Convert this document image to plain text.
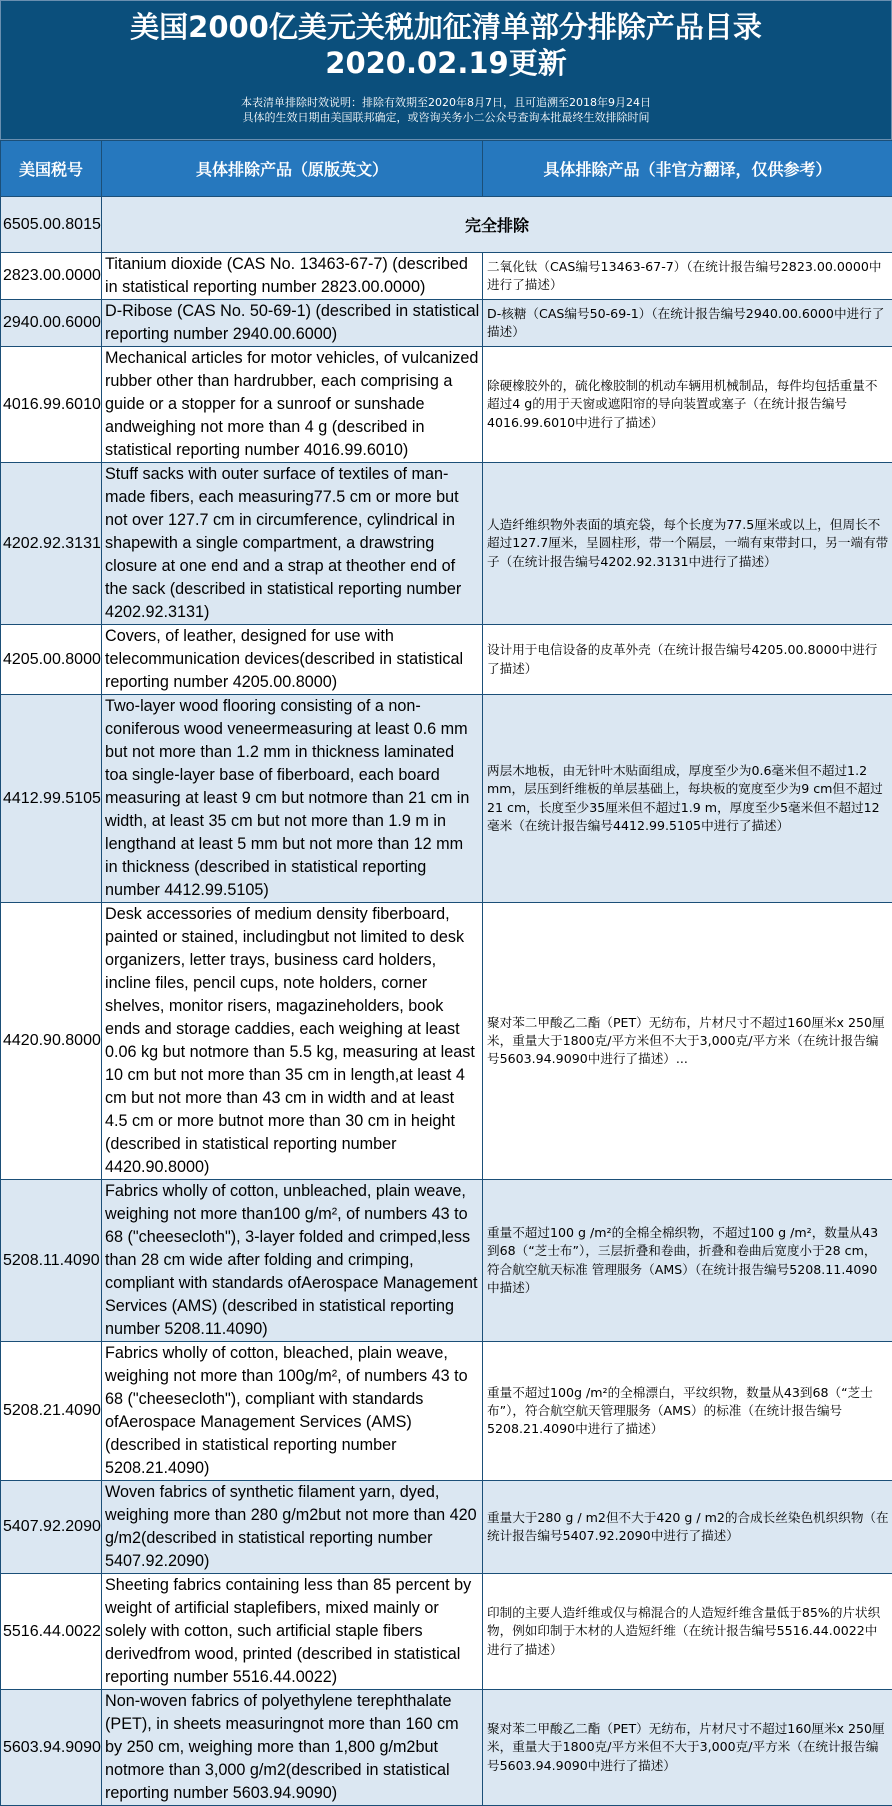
美国2000亿美元关税加征清单部分排除产品目录
2020.02.19更新
本表清单排除时效说明：排除有效期至2020年8月7日，且可追溯至2018年9月24日
具体的生效日期由美国联邦确定，或咨询关务小二公众号查询本批最终生效排除时间
美国税号	具体排除产品（原版英文）	具体排除产品（非官方翻译，仅供参考）
6505.00.8015	完全排除	
2823.00.0000	Titanium dioxide (CAS No. 13463-67-7) (described in statistical reporting number 2823.00.0000)	二氧化钛（CAS编号13463-67-7）（在统计报告编号2823.00.0000中进行了描述）
2940.00.6000	D-Ribose (CAS No. 50-69-1) (described in statistical reporting number 2940.00.6000)	D-核糖（CAS编号50-69-1）（在统计报告编号2940.00.6000中进行了描述）
4016.99.6010	Mechanical articles for motor vehicles, of vulcanized rubber other than hardrubber, each comprising a guide or a stopper for a sunroof or sunshade andweighing not more than 4 g (described in statistical reporting number 4016.99.6010)	除硬橡胶外的，硫化橡胶制的机动车辆用机械制品，每件均包括重量不超过4 g的用于天窗或遮阳帘的导向装置或塞子（在统计报告编号4016.99.6010中进行了描述）
4202.92.3131	Stuff sacks with outer surface of textiles of man-made fibers, each measuring77.5 cm or more but not over 127.7 cm in circumference, cylindrical in shapewith a single compartment, a drawstring closure at one end and a strap at theother end of the sack (described in statistical reporting number 4202.92.3131)	人造纤维织物外表面的填充袋，每个长度为77.5厘米或以上，但周长不超过127.7厘米，呈圆柱形，带一个隔层，一端有束带封口，另一端有带子（在统计报告编号4202.92.3131中进行了描述）
4205.00.8000	Covers, of leather, designed for use with telecommunication devices(described in statistical reporting number 4205.00.8000)	设计用于电信设备的皮革外壳（在统计报告编号4205.00.8000中进行了描述）
4412.99.5105	Two-layer wood flooring consisting of a non-coniferous wood veneermeasuring at least 0.6 mm but not more than 1.2 mm in thickness laminated toa single-layer base of fiberboard, each board measuring at least 9 cm but notmore than 21 cm in width, at least 35 cm but not more than 1.9 m in lengthand at least 5 mm but not more than 12 mm in thickness (described in statistical reporting number 4412.99.5105)	两层木地板，由无针叶木贴面组成，厚度至少为0.6毫米但不超过1.2 mm，层压到纤维板的单层基础上，每块板的宽度至少为9 cm但不超过21 cm，长度至少35厘米但不超过1.9 m，厚度至少5毫米但不超过12毫米（在统计报告编号4412.99.5105中进行了描述）
4420.90.8000	Desk accessories of medium density fiberboard, painted or stained, includingbut not limited to desk organizers, letter trays, business card holders, incline files, pencil cups, note holders, corner shelves, monitor risers, magazineholders, book ends and storage caddies, each weighing at least 0.06 kg but notmore than 5.5 kg, measuring at least 10 cm but not more than 35 cm in length,at least 4 cm but not more than 43 cm in width and at least 4.5 cm or more butnot more than 30 cm in height (described in statistical reporting number 4420.90.8000)	聚对苯二甲酸乙二酯（PET）无纺布，片材尺寸不超过160厘米x 250厘米，重量大于1800克/平方米但不大于3,000克/平方米（在统计报告编号5603.94.9090中进行了描述）...
5208.11.4090	Fabrics wholly of cotton, unbleached, plain weave, weighing not more than100 g/m², of numbers 43 to 68 ("cheesecloth"), 3-layer folded and crimped,less than 28 cm wide after folding and crimping, compliant with standards ofAerospace Management Services (AMS) (described in statistical reporting number 5208.11.4090)	重量不超过100 g /m²的全棉全棉织物，不超过100 g /m²，数量从43到68（“芝士布”），三层折叠和卷曲，折叠和卷曲后宽度小于28 cm，符合航空航天标准 管理服务（AMS）（在统计报告编号5208.11.4090中描述）
5208.21.4090	Fabrics wholly of cotton, bleached, plain weave, weighing not more than 100g/m², of numbers 43 to 68 ("cheesecloth"), compliant with standards ofAerospace Management Services (AMS) (described in statistical reporting number 5208.21.4090)	重量不超过100g /m²的全棉漂白，平纹织物，数量从43到68（“芝士布”），符合航空航天管理服务（AMS）的标准（在统计报告编号5208.21.4090中进行了描述）
5407.92.2090	Woven fabrics of synthetic filament yarn, dyed, weighing more than 280 g/m2but not more than 420 g/m2(described in statistical reporting number 5407.92.2090)	重量大于280 g / m2但不大于420 g / m2的合成长丝染色机织织物（在统计报告编号5407.92.2090中进行了描述）
5516.44.0022	Sheeting fabrics containing less than 85 percent by weight of artificial staplefibers, mixed mainly or solely with cotton, such artificial staple fibers derivedfrom wood, printed (described in statistical reporting number 5516.44.0022)	印制的主要人造纤维或仅与棉混合的人造短纤维含量低于85%的片状织物，例如印制于木材的人造短纤维（在统计报告编号5516.44.0022中进行了描述）
5603.94.9090	Non-woven fabrics of polyethylene terephthalate (PET), in sheets measuringnot more than 160 cm by 250 cm, weighing more than 1,800 g/m2but notmore than 3,000 g/m2(described in statistical reporting number 5603.94.9090)	聚对苯二甲酸乙二酯（PET）无纺布，片材尺寸不超过160厘米x 250厘米，重量大于1800克/平方米但不大于3,000克/平方米（在统计报告编号5603.94.9090中进行了描述）
